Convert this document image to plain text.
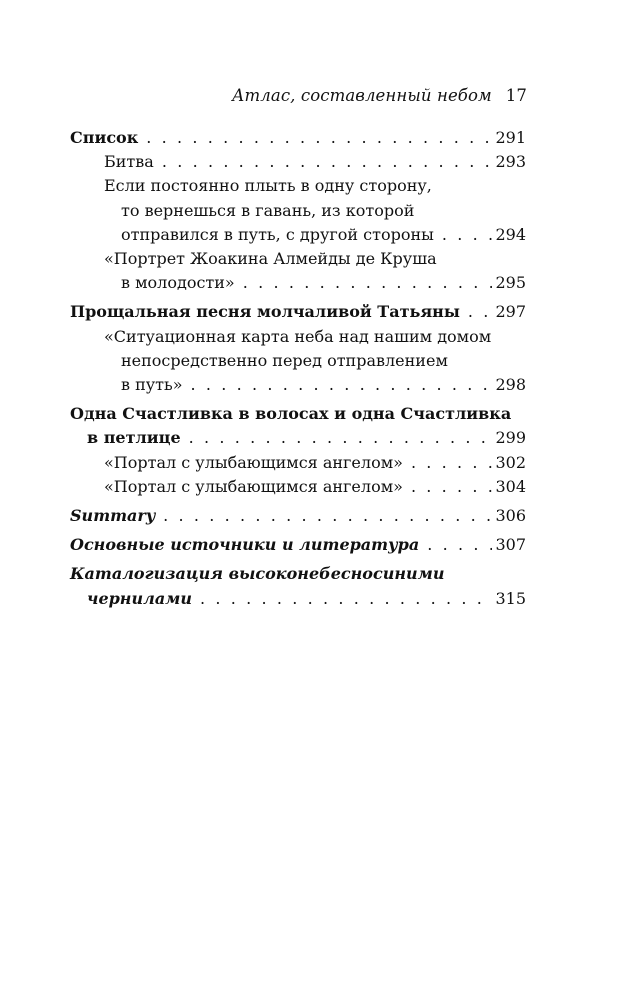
Атлас, составленный небом 17
Список . . .	291
Битва . . .	293
Если постоянно плыть в одну сторону,
то вернешься в гавань, из которой
отправился в путь, с другой стороны . . .	294
«Портрет Жоакина Алмейды де Круша
в молодости» . . .	295
Прощальная песня молчаливой Татьяны . . . 297
«Ситуационная карта неба над нашим домом
непосредственно перед отправлением
в путь» . . .	298
Одна Счастливка в волосах и одна Счастливка
в петлице . . .	299
«Портал с улыбающимся ангелом» . . .	302
«Портал с улыбающимся ангелом» . . .	304
Summary . . .	306
Основные источники и литература . . .	307
Каталогизация высоконебесносиними
чернилами . . .	315
